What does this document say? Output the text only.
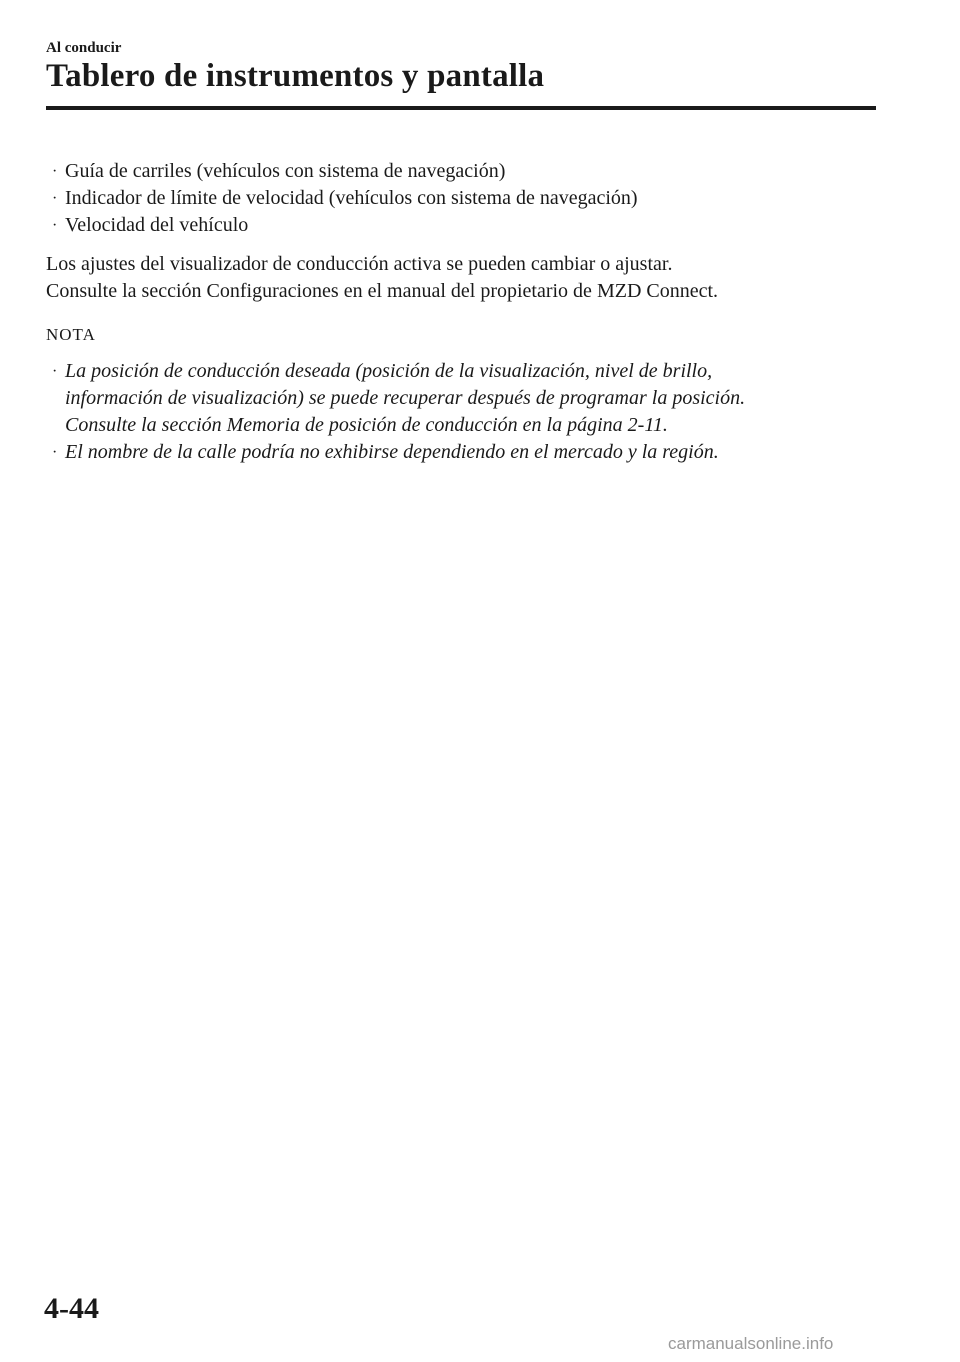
Al conducir

Tablero de instrumentos y pantalla
· Guía de carriles (vehículos con sistema de navegación)
· Indicador de límite de velocidad (vehículos con sistema de navegación)
· Velocidad del vehículo

Los ajustes del visualizador de conducción activa se pueden cambiar o ajustar.
Consulte la sección Configuraciones en el manual del propietario de MZD Connect.

NOTA

· La posición de conducción deseada (posición de la visualización, nivel de brillo,
información de visualización) se puede recuperar después de programar la posición.
Consulte la sección Memoria de posición de conducción en la página 2-11.
· El nombre de la calle podría no exhibirse dependiendo en el mercado y la región.

4-44

carmanualsonline.info
